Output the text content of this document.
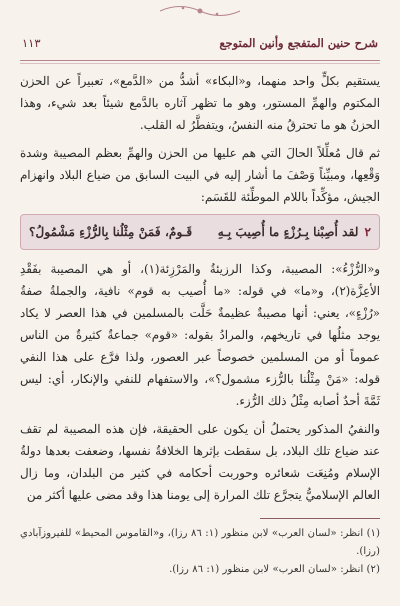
شرح حنين المتفجع وأنين المتوجع
١١٣

يستقيم بكلٍّ واحد منهما، و«البكاء» أشدُّ من «الدَّمع»، تعبيراً عن الحزن المكتوم والهمِّ المستور، وهو ما تظهر آثاره بالدَّمع شيئاً بعد شيء، وهذا الحزنُ هو ما تحترقُ منه النفسُ، ويتفطَّرُ له القلب.

ثم قال مُعلِّلاً الحالَ التي هم عليها من الحزن والهمِّ بعظم المصيبة وشدة وَقْعِها، ومبيِّناً وَصْفَ ما أشار إليه في البيت السابق من ضياع البلاد وانهزام الجيش، مؤكِّداً باللام الموطِّئة للقَسَم:

٢
لقد أُصِبْنا بِـرُزْءٍ ما أُصِيبَ بِـهِ
قَـومٌ، فَمَنْ مِثْلُنا بِالرُّزْءِ مَشْمُولُ؟

و«الرُّزْءُ»: المصيبة، وكذا الرزيئةُ والمَرْزِئة(١)، أو هي المصيبة بفَقْدِ الأعِزَّة(٢)، و«ما» في قوله: «ما أُصيب به قوم» نافية، والجملةُ صفةُ «رُزْءٍ»، يعني: أنها مصيبةٌ عظيمةٌ حَلَّت بالمسلمين في هذا العصر لا يكاد يوجد مثلُها في تاريخهم، والمرادُ بقوله: «قوم» جماعةٌ كثيرةٌ من الناس عموماً أو من المسلمين خصوصاً عبر العصور، ولذا فرَّع على هذا النفي قوله: «مَنْ مِثْلُنا بالرُّزء مشمول؟»، والاستفهام للنفي والإنكار، أي: ليس ثَمَّةَ أحدٌ أصابه مِثْلُ ذلك الرُّزء.

والنفيُ المذكور يحتملُ أن يكون على الحقيقة، فإن هذه المصيبة لم تقف عند ضياع تلك البلاد، بل سقطت بإثرها الخلافةُ نفسها، وضعفت بعدها دولةُ الإسلام ومُنِعَت شعائره وحوربت أحكامه في كثير من البلدان، وما زال العالم الإسلاميُّ يتجرَّع تلك المرارة إلى يومنا هذا وقد مضى عليها أكثر من

(١) انظر: «لسان العرب» لابن منظور (١: ٨٦ رزا)، و«القاموس المحيط» للفيروزآبادي (رزا).

(٢) انظر: «لسان العرب» لابن منظور (١: ٨٦ رزا).
